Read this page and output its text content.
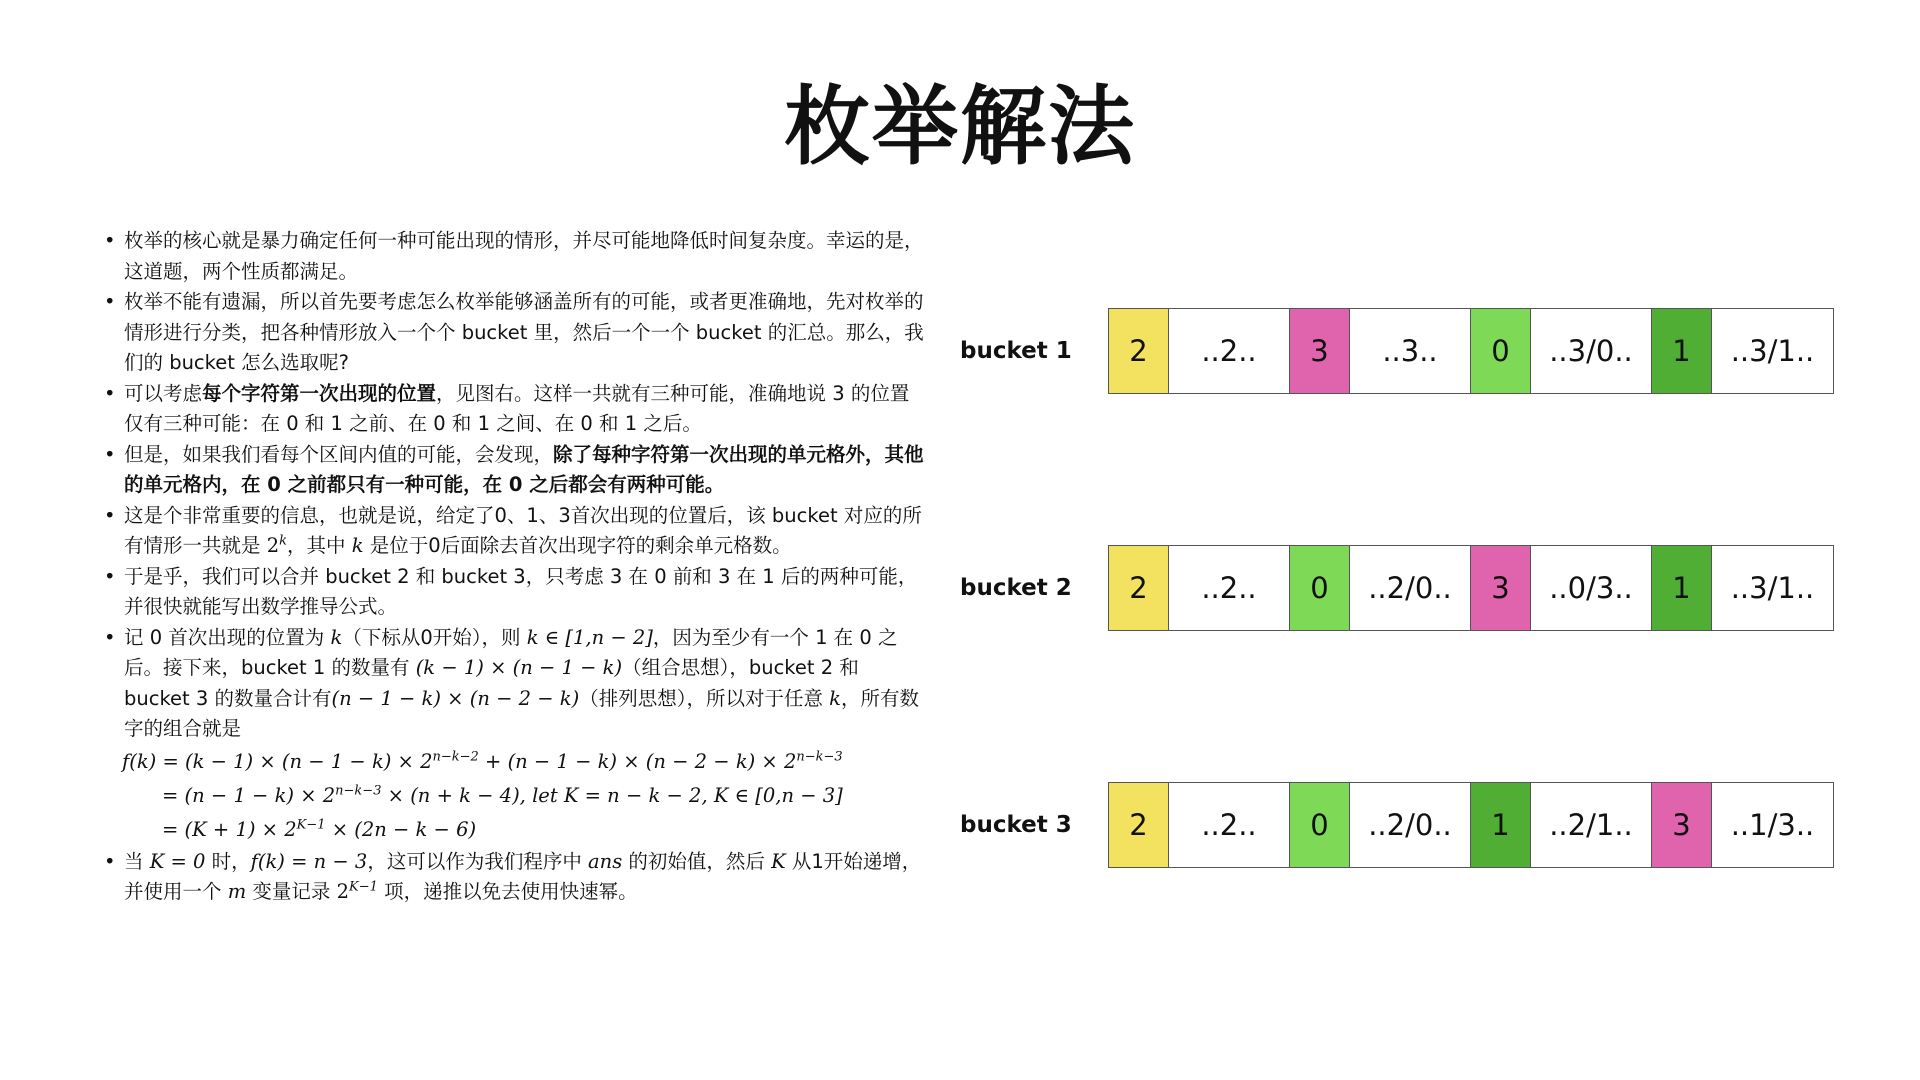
枚举解法
• 枚举的核心就是暴力确定任何一种可能出现的情形，并尽可能地降低时间复杂度。幸运的是，这道题，两个性质都满足。
• 枚举不能有遗漏，所以首先要考虑怎么枚举能够涵盖所有的可能，或者更准确地，先对枚举的情形进行分类，把各种情形放入一个个 bucket 里，然后一个一个 bucket 的汇总。那么，我们的 bucket 怎么选取呢?
• 可以考虑每个字符第一次出现的位置，见图右。这样一共就有三种可能，准确地说 3 的位置仅有三种可能：在 0 和 1 之前、在 0 和 1 之间、在 0 和 1 之后。
• 但是，如果我们看每个区间内值的可能，会发现，除了每种字符第一次出现的单元格外，其他的单元格内，在 0 之前都只有一种可能，在 0 之后都会有两种可能。
• 这是个非常重要的信息，也就是说，给定了0、1、3首次出现的位置后，该 bucket 对应的所有情形一共就是 2$^k$，其中 k 是位于0后面除去首次出现字符的剩余单元格数。
• 于是乎，我们可以合并 bucket 2 和 bucket 3，只考虑 3 在 0 前和 3 在 1 后的两种可能，并很快就能写出数学推导公式。
• 记 0 首次出现的位置为 k（下标从0开始），则 k ∈ [1,n − 2]，因为至少有一个 1 在 0 之后。接下来，bucket 1 的数量有 (k − 1) × (n − 1 − k)（组合思想），bucket 2 和 bucket 3 的数量合计有(n − 1 − k) × (n − 2 − k)（排列思想），所以对于任意 k，所有数字的组合就是
$f(k) = (k - 1) \times (n - 1 - k) \times 2^{n-k-2} + (n - 1 - k) \times (n - 2 - k) \times 2^{n-k-3}$
= $(n - 1 - k) \times 2^{n-k-3} \times (n + k - 4)$, let K = n − k − 2, K ∈ [0,n − 3]
= $(K + 1) \times 2^{K-1} \times (2n - k - 6)$
• 当 K = 0 时，f(k) = n − 3，这可以作为我们程序中 ans 的初始值，然后 K 从1开始递增，并使用一个 m 变量记录 $2^{K-1}$ 项，递推以免去使用快速幂。
bucket 1	2	..2..	3	..3..	0	..3/0..	1	..3/1..
bucket 2	2	..2..	0	..2/0..	3	..0/3..	1	..3/1..
bucket 3	2	..2..	0	..2/0..	1	..2/1..	3	..1/3..
